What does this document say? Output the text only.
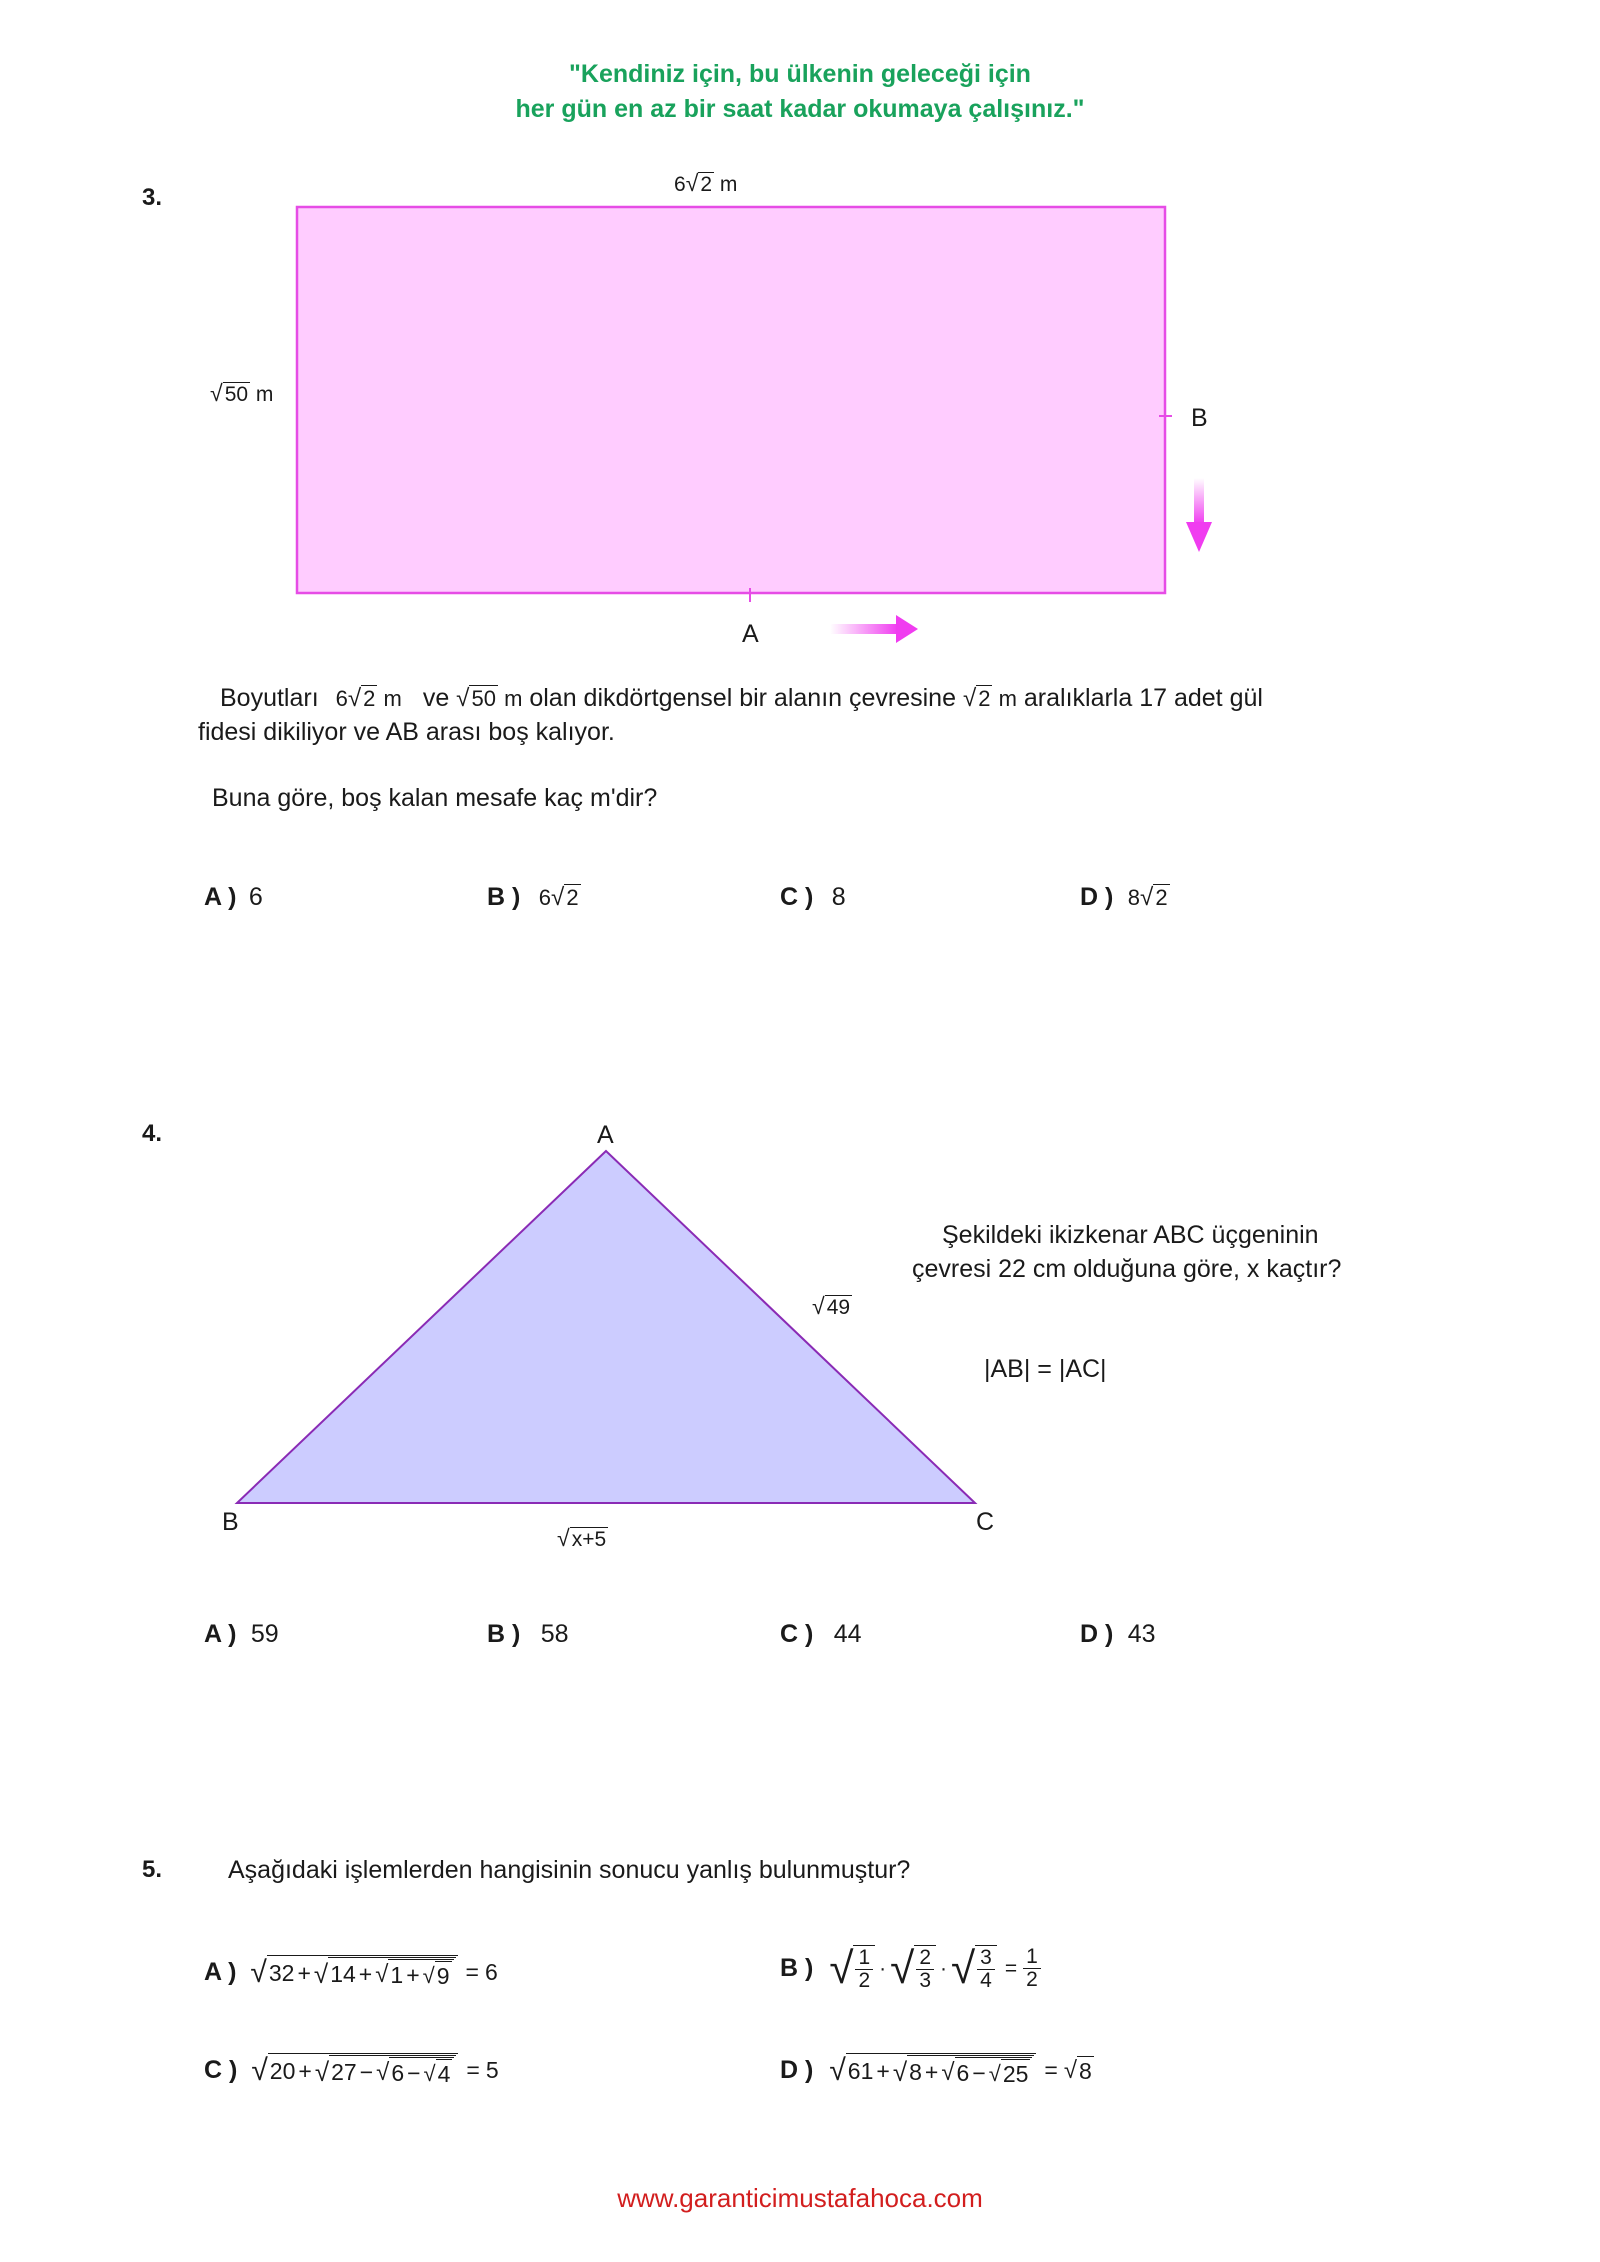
"Kendiniz için, bu ülkenin geleceği için
her gün en az bir saat kadar okumaya çalışınız."
3.	6√2 m
√50 m
B
A
Boyutları 6√2 m ve √50 m olan dikdörtgensel bir alanın çevresine √2 m aralıklarla 17 adet gül
fidesi dikiliyor ve AB arası boş kalıyor.
Buna göre, boş kalan mesafe kaç m'dir?
A ) 6	B ) 6√2	C ) 8	D ) 8√2
4.	A
B	C
√49
√x+5
Şekildeki ikizkenar ABC üçgeninin
çevresi 22 cm olduğuna göre, x kaçtır?
|AB| = |AC|
A ) 59	B ) 58	C ) 44	D ) 43
5.	Aşağıdaki işlemlerden hangisinin sonucu yanlış bulunmuştur?
A ) √ 32 + √ 14 + √ 1 + √ 9 = 6	B ) √ $\frac{1}{2}$ · √ $\frac{2}{3}$ · √ $\frac{3}{4} = \frac{1}{2}$
C ) √ 20 + √ 27 − √ 6 − √ 4 = 5	D ) √ 61 + √ 8 + √ 6 − √ 25 = √ 8
www.garanticimustafahoca.com
